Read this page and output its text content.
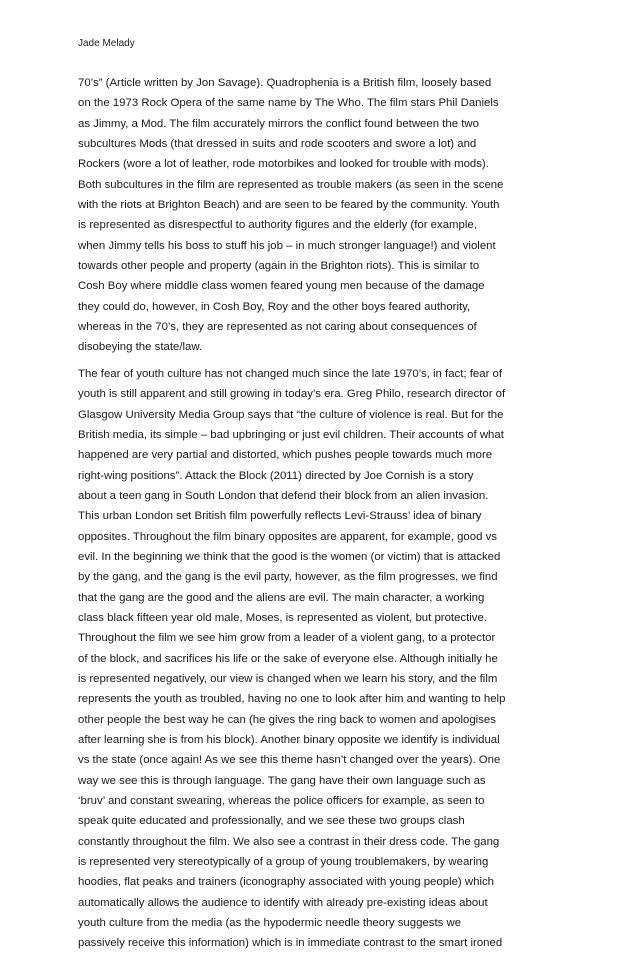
Jade Melady

70’s” (Article written by Jon Savage). Quadrophenia is a British film, loosely based
on the 1973 Rock Opera of the same name by The Who. The film stars Phil Daniels
as Jimmy, a Mod. The film accurately mirrors the conflict found between the two
subcultures Mods (that dressed in suits and rode scooters and swore a lot) and
Rockers (wore a lot of leather, rode motorbikes and looked for trouble with mods).
Both subcultures in the film are represented as trouble makers (as seen in the scene
with the riots at Brighton Beach) and are seen to be feared by the community. Youth
is represented as disrespectful to authority figures and the elderly (for example,
when Jimmy tells his boss to stuff his job – in much stronger language!) and violent
towards other people and property (again in the Brighton riots). This is similar to
Cosh Boy where middle class women feared young men because of the damage
they could do, however, in Cosh Boy, Roy and the other boys feared authority,
whereas in the 70’s, they are represented as not caring about consequences of
disobeying the state/law.

The fear of youth culture has not changed much since the late 1970’s, in fact; fear of
youth is still apparent and still growing in today’s era. Greg Philo, research director of
Glasgow University Media Group says that “the culture of violence is real. But for the
British media, its simple – bad upbringing or just evil children. Their accounts of what
happened are very partial and distorted, which pushes people towards much more
right-wing positions”. Attack the Block (2011) directed by Joe Cornish is a story
about a teen gang in South London that defend their block from an alien invasion.
This urban London set British film powerfully reflects Levi-Strauss’ idea of binary
opposites. Throughout the film binary opposites are apparent, for example, good vs
evil. In the beginning we think that the good is the women (or victim) that is attacked
by the gang, and the gang is the evil party, however, as the film progresses, we find
that the gang are the good and the aliens are evil. The main character, a working
class black fifteen year old male, Moses, is represented as violent, but protective.
Throughout the film we see him grow from a leader of a violent gang, to a protector
of the block, and sacrifices his life or the sake of everyone else. Although initially he
is represented negatively, our view is changed when we learn his story, and the film
represents the youth as troubled, having no one to look after him and wanting to help
other people the best way he can (he gives the ring back to women and apologises
after learning she is from his block). Another binary opposite we identify is individual
vs the state (once again! As we see this theme hasn’t changed over the years). One
way we see this is through language. The gang have their own language such as
‘bruv’ and constant swearing, whereas the police officers for example, as seen to
speak quite educated and professionally, and we see these two groups clash
constantly throughout the film. We also see a contrast in their dress code. The gang
is represented very stereotypically of a group of young troublemakers, by wearing
hoodies, flat peaks and trainers (iconography associated with young people) which
automatically allows the audience to identify with already pre-existing ideas about
youth culture from the media (as the hypodermic needle theory suggests we
passively receive this information) which is in immediate contrast to the smart ironed
